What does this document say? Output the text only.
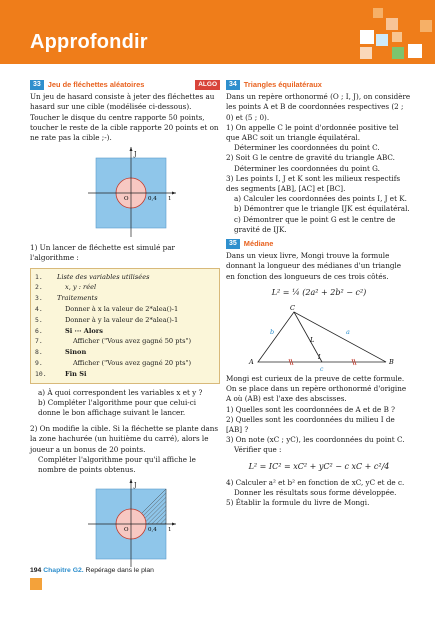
Approfondir
33 Jeu de fléchettes aléatoires	ALGO

Un jeu de hasard consiste à jeter des fléchettes au hasard sur une cible (modélisée ci-dessous). Toucher le disque du centre rapporte 50 points, toucher le reste de la cible rapporte 20 points et on ne rate pas la cible ;-).

J
O	0,4 1

1) Un lancer de fléchette est simulé par l'algorithme :

1.	Liste des variables utilisées
2.	x, y : réel
3.	Traitements
4.	Donner à x la valeur de 2*alea()-1
5.	Donner à y la valeur de 2*alea()-1
6.	Si ··· Alors
7.	Afficher ("Vous avez gagné 50 pts")
8.	Sinon
9.	Afficher ("Vous avez gagné 20 pts")
10.	Fin Si

a) À quoi correspondent les variables x et y ?

b) Compléter l'algorithme pour que celui-ci donne le bon affichage suivant le lancer.

2) On modifie la cible. Si la fléchette se plante dans la zone hachurée (un huitième du carré), alors le joueur a un bonus de 20 points.

Compléter l'algorithme pour qu'il affiche le nombre de points obtenus.

J
O	0,4 1
34 Triangles équilatéraux

Dans un repère orthonormé (O ; I, J), on considère les points A et B de coordonnées respectives (2 ; 0) et (5 ; 0).

1) On appelle C le point d'ordonnée positive tel que ABC soit un triangle équilatéral.

Déterminer les coordonnées du point C.

2) Soit G le centre de gravité du triangle ABC.

Déterminer les coordonnées du point G.

3) Les points I, J et K sont les milieux respectifs des segments [AB], [AC] et [BC].

a) Calculer les coordonnées des points I, J et K.

b) Démontrer que le triangle IJK est équilatéral.

c) Démontrer que le point G est le centre de gravité de IJK.

35 Médiane

Dans un vieux livre, Mongi trouve la formule donnant la longueur des médianes d'un triangle en fonction des longueurs de ces trois côtés.

L² = ¼ (2a² + 2b² − c²)
C
A	B
b	a
L
I
c

Mongi est curieux de la preuve de cette formule.

On se place dans un repère orthonormé d'origine A où (AB) est l'axe des abscisses.

1) Quelles sont les coordonnées de A et de B ?

2) Quelles sont les coordonnées du milieu I de [AB] ?

3) On note (xC ; yC), les coordonnées du point C.

Vérifier que :

L² = IC² = xC² + yC² − c xC + c²/4

4) Calculer a² et b² en fonction de xC, yC et de c.

Donner les résultats sous forme développée.

5) Établir la formule du livre de Mongi.

194 Chapitre G2. Repérage dans le plan
